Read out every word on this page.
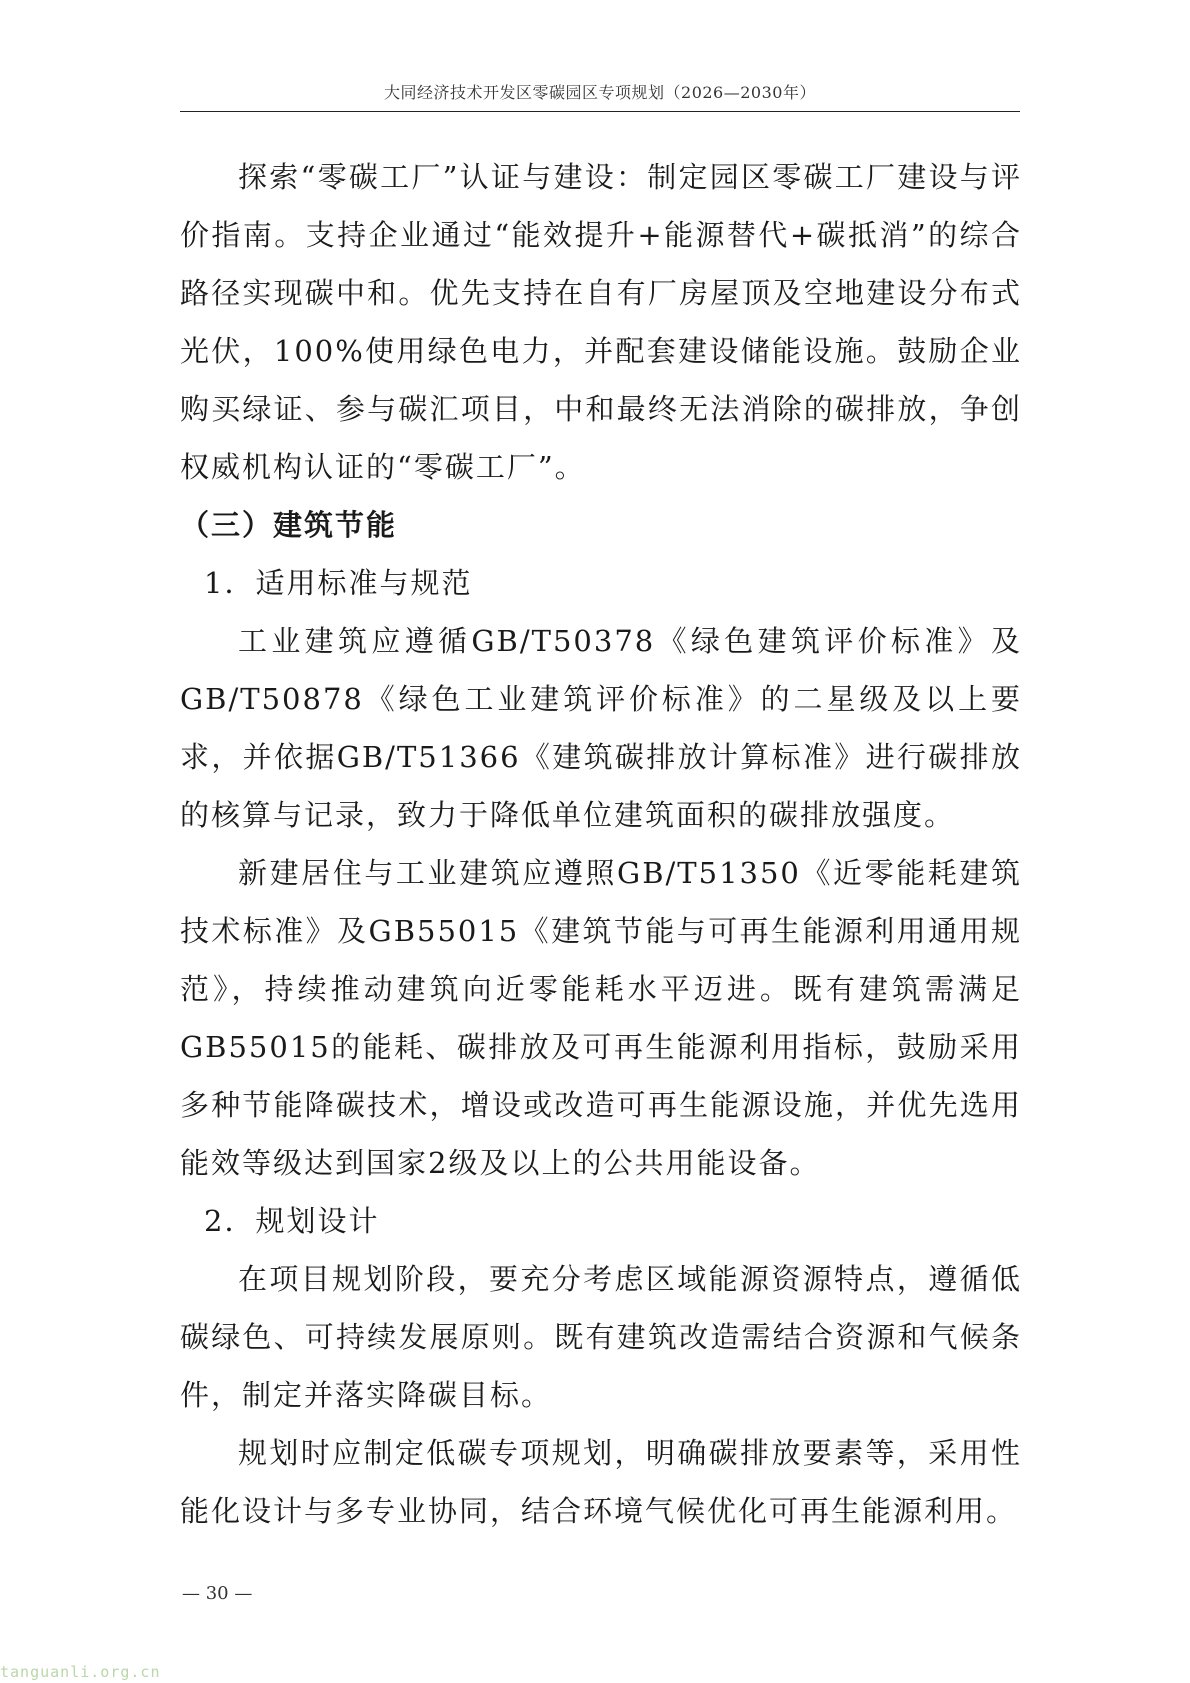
大同经济技术开发区零碳园区专项规划（2026—2030年）

探索“零碳工厂”认证与建设：制定园区零碳工厂建设与评价指南。支持企业通过“能效提升+能源替代+碳抵消”的综合路径实现碳中和。优先支持在自有厂房屋顶及空地建设分布式光伏，100%使用绿色电力，并配套建设储能设施。鼓励企业购买绿证、参与碳汇项目，中和最终无法消除的碳排放，争创权威机构认证的“零碳工厂”。

（三）建筑节能

1．适用标准与规范

工业建筑应遵循GB/T50378《绿色建筑评价标准》及GB/T50878《绿色工业建筑评价标准》的二星级及以上要求，并依据GB/T51366《建筑碳排放计算标准》进行碳排放的核算与记录，致力于降低单位建筑面积的碳排放强度。

新建居住与工业建筑应遵照GB/T51350《近零能耗建筑技术标准》及GB55015《建筑节能与可再生能源利用通用规范》，持续推动建筑向近零能耗水平迈进。既有建筑需满足GB55015的能耗、碳排放及可再生能源利用指标，鼓励采用多种节能降碳技术，增设或改造可再生能源设施，并优先选用能效等级达到国家2级及以上的公共用能设备。

2．规划设计

在项目规划阶段，要充分考虑区域能源资源特点，遵循低碳绿色、可持续发展原则。既有建筑改造需结合资源和气候条件，制定并落实降碳目标。

规划时应制定低碳专项规划，明确碳排放要素等，采用性能化设计与多专业协同，结合环境气候优化可再生能源利用。

— 30 —
tanguanli.org.cn
